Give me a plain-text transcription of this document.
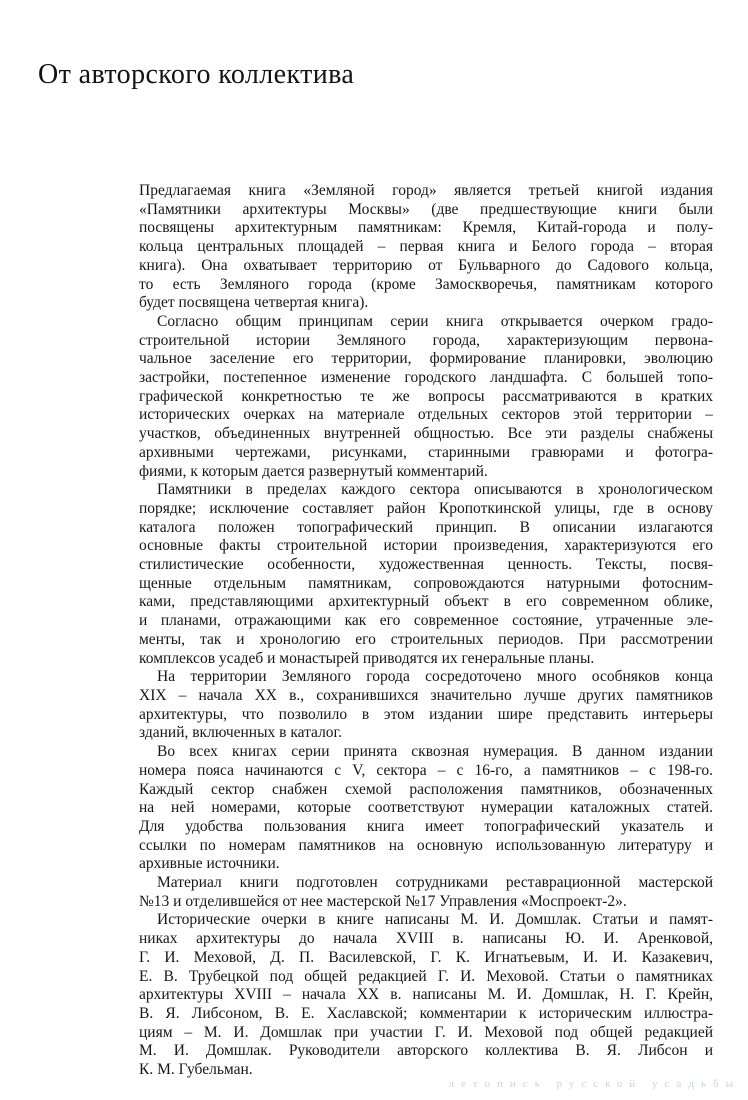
От авторского коллектива
Предлагаемая книга «Земляной город» является третьей книгой издания
«Памятники архитектуры Москвы» (две предшествующие книги были
посвящены архитектурным памятникам: Кремля, Китай-города и полу-
кольца центральных площадей – первая книга и Белого города – вторая
книга). Она охватывает территорию от Бульварного до Садового кольца,
то есть Земляного города (кроме Замоскворечья, памятникам которого
будет посвящена четвертая книга).
Согласно общим принципам серии книга открывается очерком градо-
строительной истории Земляного города, характеризующим первона-
чальное заселение его территории, формирование планировки, эволюцию
застройки, постепенное изменение городского ландшафта. С большей топо-
графической конкретностью те же вопросы рассматриваются в кратких
исторических очерках на материале отдельных секторов этой территории –
участков, объединенных внутренней общностью. Все эти разделы снабжены
архивными чертежами, рисунками, старинными гравюрами и фотогра-
фиями, к которым дается развернутый комментарий.
Памятники в пределах каждого сектора описываются в хронологическом
порядке; исключение составляет район Кропоткинской улицы, где в основу
каталога положен топографический принцип. В описании излагаются
основные факты строительной истории произведения, характеризуются его
стилистические особенности, художественная ценность. Тексты, посвя-
щенные отдельным памятникам, сопровождаются натурными фотосним-
ками, представляющими архитектурный объект в его современном облике,
и планами, отражающими как его современное состояние, утраченные эле-
менты, так и хронологию его строительных периодов. При рассмотрении
комплексов усадеб и монастырей приводятся их генеральные планы.
На территории Земляного города сосредоточено много особняков конца
XIX – начала XX в., сохранившихся значительно лучше других памятников
архитектуры, что позволило в этом издании шире представить интерьеры
зданий, включенных в каталог.
Во всех книгах серии принята сквозная нумерация. В данном издании
номера пояса начинаются с V, сектора – с 16-го, а памятников – с 198-го.
Каждый сектор снабжен схемой расположения памятников, обозначенных
на ней номерами, которые соответствуют нумерации каталожных статей.
Для удобства пользования книга имеет топографический указатель и
ссылки по номерам памятников на основную использованную литературу и
архивные источники.
Материал книги подготовлен сотрудниками реставрационной мастерской
№13 и отделившейся от нее мастерской №17 Управления «Моспроект-2».
Исторические очерки в книге написаны М. И. Домшлак. Статьи и памят-
никах архитектуры до начала XVIII в. написаны Ю. И. Аренковой,
Г. И. Меховой, Д. П. Василевской, Г. К. Игнатьевым, И. И. Казакевич,
Е. В. Трубецкой под общей редакцией Г. И. Меховой. Статьи о памятниках
архитектуры XVIII – начала XX в. написаны М. И. Домшлак, Н. Г. Крейн,
В. Я. Либсоном, В. Е. Хаславской; комментарии к историческим иллюстра-
циям – М. И. Домшлак при участии Г. И. Меховой под общей редакцией
М. И. Домшлак. Руководители авторского коллектива В. Я. Либсон и
К. М. Губельман.
летопись русской усадьбы
